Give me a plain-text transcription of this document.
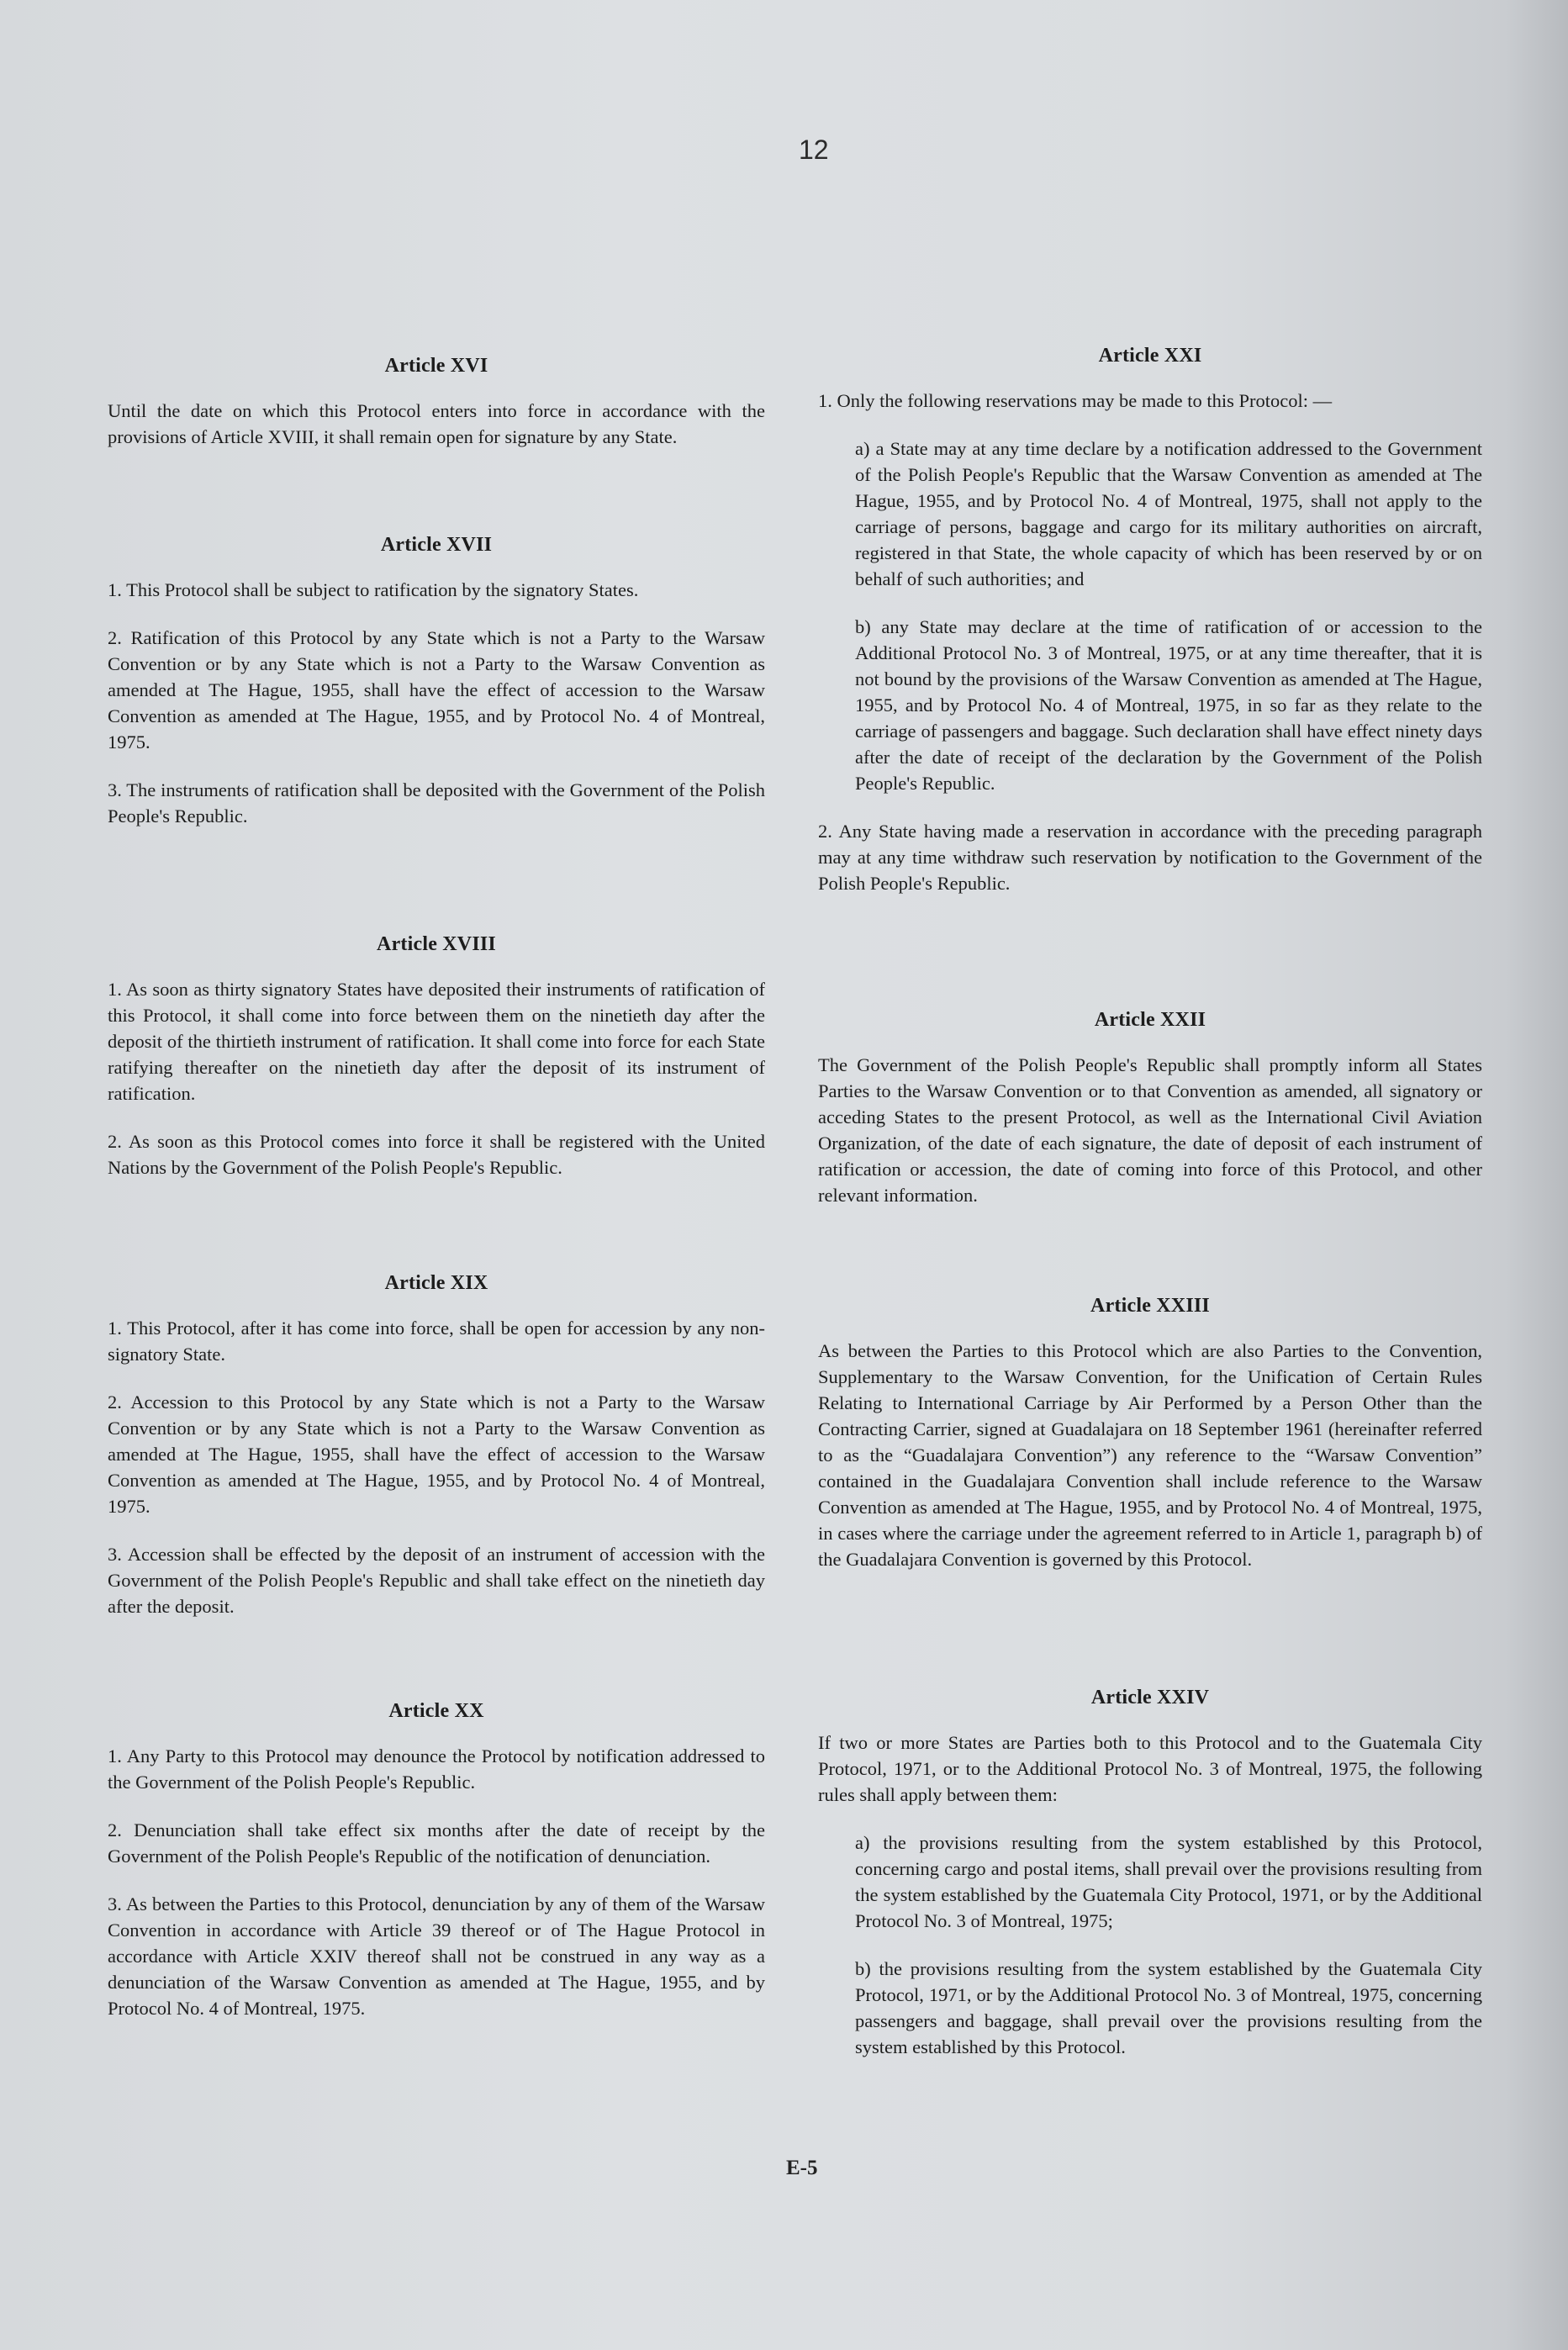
12
Article XVI

Until the date on which this Protocol enters into force in accordance with the provisions of Article XVIII, it shall remain open for signature by any State.

Article XVII

1. This Protocol shall be subject to ratification by the signatory States.

2. Ratification of this Protocol by any State which is not a Party to the Warsaw Convention or by any State which is not a Party to the Warsaw Convention as amended at The Hague, 1955, shall have the effect of accession to the Warsaw Convention as amended at The Hague, 1955, and by Protocol No. 4 of Montreal, 1975.

3. The instruments of ratification shall be deposited with the Government of the Polish People's Republic.

Article XVIII

1. As soon as thirty signatory States have deposited their instruments of ratification of this Protocol, it shall come into force between them on the ninetieth day after the deposit of the thirtieth instrument of ratification. It shall come into force for each State ratifying thereafter on the ninetieth day after the deposit of its instrument of ratification.

2. As soon as this Protocol comes into force it shall be registered with the United Nations by the Government of the Polish People's Republic.

Article XIX

1. This Protocol, after it has come into force, shall be open for accession by any non-signatory State.

2. Accession to this Protocol by any State which is not a Party to the Warsaw Convention or by any State which is not a Party to the Warsaw Convention as amended at The Hague, 1955, shall have the effect of accession to the Warsaw Convention as amended at The Hague, 1955, and by Protocol No. 4 of Montreal, 1975.

3. Accession shall be effected by the deposit of an instrument of accession with the Government of the Polish People's Republic and shall take effect on the ninetieth day after the deposit.

Article XX

1. Any Party to this Protocol may denounce the Protocol by notification addressed to the Government of the Polish People's Republic.

2. Denunciation shall take effect six months after the date of receipt by the Government of the Polish People's Republic of the notification of denunciation.

3. As between the Parties to this Protocol, denunciation by any of them of the Warsaw Convention in accordance with Article 39 thereof or of The Hague Protocol in accordance with Article XXIV thereof shall not be construed in any way as a denunciation of the Warsaw Convention as amended at The Hague, 1955, and by Protocol No. 4 of Montreal, 1975.

Article XXI

1. Only the following reservations may be made to this Protocol: —

a) a State may at any time declare by a notification addressed to the Government of the Polish People's Republic that the Warsaw Convention as amended at The Hague, 1955, and by Protocol No. 4 of Montreal, 1975, shall not apply to the carriage of persons, baggage and cargo for its military authorities on aircraft, registered in that State, the whole capacity of which has been reserved by or on behalf of such authorities; and

b) any State may declare at the time of ratification of or accession to the Additional Protocol No. 3 of Montreal, 1975, or at any time thereafter, that it is not bound by the provisions of the Warsaw Convention as amended at The Hague, 1955, and by Protocol No. 4 of Montreal, 1975, in so far as they relate to the carriage of passengers and baggage. Such declaration shall have effect ninety days after the date of receipt of the declaration by the Government of the Polish People's Republic.

2. Any State having made a reservation in accordance with the preceding paragraph may at any time withdraw such reservation by notification to the Government of the Polish People's Republic.

Article XXII

The Government of the Polish People's Republic shall promptly inform all States Parties to the Warsaw Convention or to that Convention as amended, all signatory or acceding States to the present Protocol, as well as the International Civil Aviation Organization, of the date of each signature, the date of deposit of each instrument of ratification or accession, the date of coming into force of this Protocol, and other relevant information.

Article XXIII

As between the Parties to this Protocol which are also Parties to the Convention, Supplementary to the Warsaw Convention, for the Unification of Certain Rules Relating to International Carriage by Air Performed by a Person Other than the Contracting Carrier, signed at Guadalajara on 18 September 1961 (hereinafter referred to as the “Guadalajara Convention”) any reference to the “Warsaw Convention” contained in the Guadalajara Convention shall include reference to the Warsaw Convention as amended at The Hague, 1955, and by Protocol No. 4 of Montreal, 1975, in cases where the carriage under the agreement referred to in Article 1, paragraph b) of the Guadalajara Convention is governed by this Protocol.

Article XXIV

If two or more States are Parties both to this Protocol and to the Guatemala City Protocol, 1971, or to the Additional Protocol No. 3 of Montreal, 1975, the following rules shall apply between them:

a) the provisions resulting from the system established by this Protocol, concerning cargo and postal items, shall prevail over the provisions resulting from the system established by the Guatemala City Protocol, 1971, or by the Additional Protocol No. 3 of Montreal, 1975;

b) the provisions resulting from the system established by the Guatemala City Protocol, 1971, or by the Additional Protocol No. 3 of Montreal, 1975, concerning passengers and baggage, shall prevail over the provisions resulting from the system established by this Protocol.

E-5
